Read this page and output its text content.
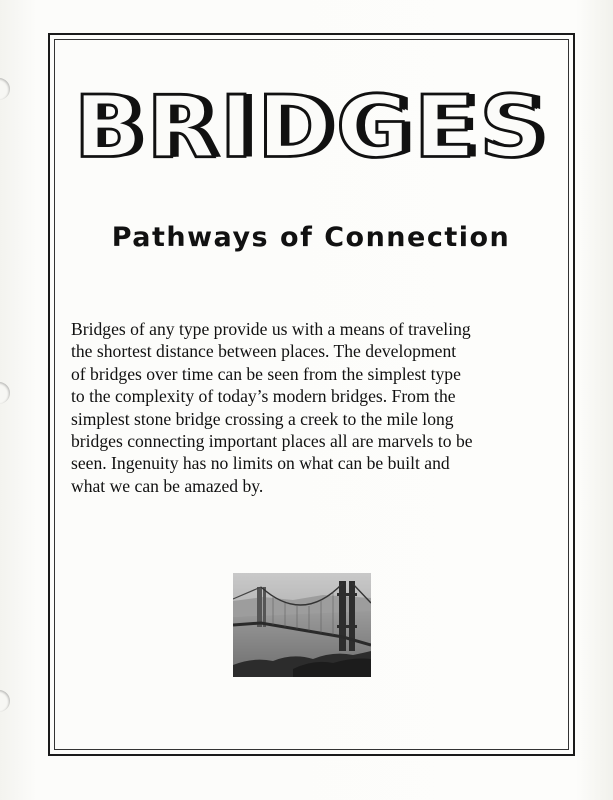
BRIDGES
Pathways of Connection

Bridges of any type provide us with a means of traveling
the shortest distance between places. The development
of bridges over time can be seen from the simplest type
to the complexity of today’s modern bridges. From the
simplest stone bridge crossing a creek to the mile long
bridges connecting important places all are marvels to be
seen. Ingenuity has no limits on what can be built and
what we can be amazed by.
